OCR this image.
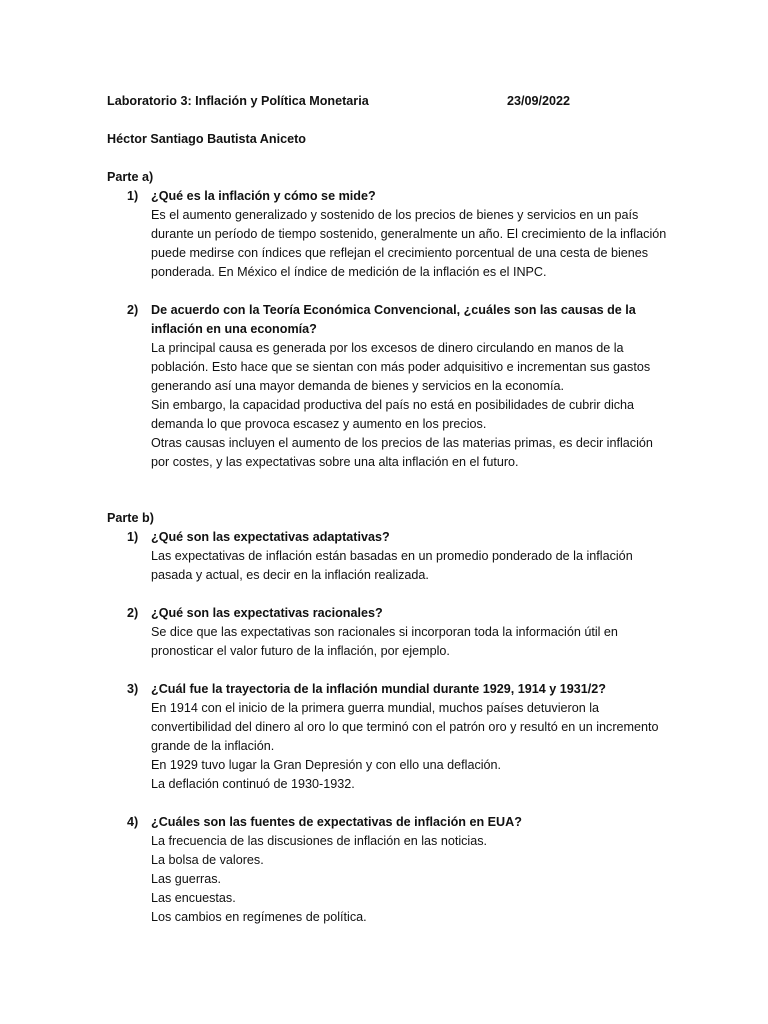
Laboratorio 3: Inflación y Política Monetaria	23/09/2022
Héctor Santiago Bautista Aniceto
Parte a)
1) ¿Qué es la inflación y cómo se mide?

Es el aumento generalizado y sostenido de los precios de bienes y servicios en un país durante un período de tiempo sostenido, generalmente un año. El crecimiento de la inflación puede medirse con índices que reflejan el crecimiento porcentual de una cesta de bienes ponderada. En México el índice de medición de la inflación es el INPC.

2) De acuerdo con la Teoría Económica Convencional, ¿cuáles son las causas de la inflación en una economía?

La principal causa es generada por los excesos de dinero circulando en manos de la población. Esto hace que se sientan con más poder adquisitivo e incrementan sus gastos generando así una mayor demanda de bienes y servicios en la economía.

Sin embargo, la capacidad productiva del país no está en posibilidades de cubrir dicha demanda lo que provoca escasez y aumento en los precios.

Otras causas incluyen el aumento de los precios de las materias primas, es decir inflación por costes, y las expectativas sobre una alta inflación en el futuro.

Parte b)
1) ¿Qué son las expectativas adaptativas?

Las expectativas de inflación están basadas en un promedio ponderado de la inflación pasada y actual, es decir en la inflación realizada.

2) ¿Qué son las expectativas racionales?

Se dice que las expectativas son racionales si incorporan toda la información útil en pronosticar el valor futuro de la inflación, por ejemplo.

3) ¿Cuál fue la trayectoria de la inflación mundial durante 1929, 1914 y 1931/2?

En 1914 con el inicio de la primera guerra mundial, muchos países detuvieron la convertibilidad del dinero al oro lo que terminó con el patrón oro y resultó en un incremento grande de la inflación.

En 1929 tuvo lugar la Gran Depresión y con ello una deflación.

La deflación continuó de 1930-1932.

4) ¿Cuáles son las fuentes de expectativas de inflación en EUA?

La frecuencia de las discusiones de inflación en las noticias.

La bolsa de valores.

Las guerras.

Las encuestas.

Los cambios en regímenes de política.
